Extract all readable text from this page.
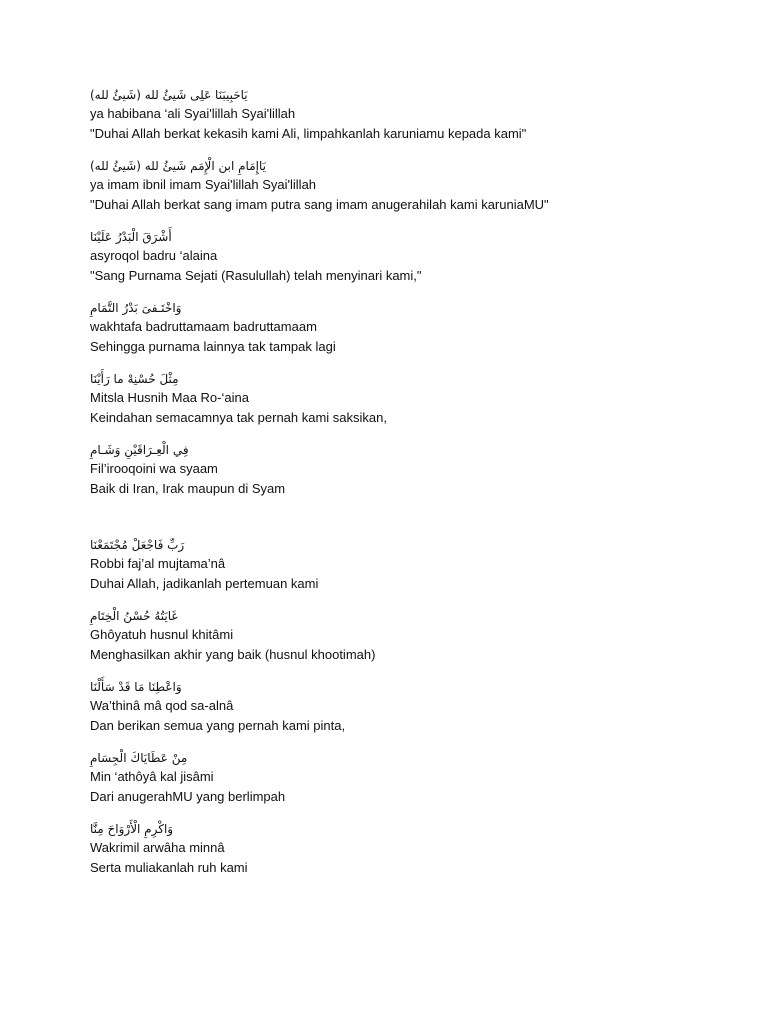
يَاحَبِيبَنَا عَلِى شَيئُ لله (شَيئُ لله)
ya habibana ‘ali Syai'lillah Syai'lillah
"Duhai Allah berkat kekasih kami Ali, limpahkanlah karuniamu kepada kami"
يَاإِمَامِ ابن الْإِمَم شَيئُ لله (شَيئُ لله)
ya imam ibnil imam Syai'lillah Syai'lillah
"Duhai Allah berkat sang imam putra sang imam anugerahilah kami karuniaMU"
أَشْرَقَ الْبَدْرُ عَلَيْنَا
asyroqol badru ‘alaina
"Sang Purnama Sejati (Rasulullah) telah menyinari kami,"
وَاخْتَـفىَ بَدْرُ التَّمَامِ
wakhtafa badruttamaam badruttamaam
Sehingga purnama lainnya tak tampak lagi
مِثْلَ حُسْنِهْ ما رَأَيْنَا
Mitsla Husnih Maa Ro-‘aina
Keindahan semacamnya tak pernah kami saksikan,
فِي الْعِـرَاقَيْنِ وَشَـامِ
Fil’irooqoini wa syaam
Baik di Iran, Irak maupun di Syam
رَبِّ فَاجْعَلْ مُجْتَمَعْنَا
Robbi faj’al mujtama’nâ
Duhai Allah, jadikanlah pertemuan kami
غَايَتُهُ حُسْنُ الْخِتَامِ
Ghôyatuh husnul khitâmi
Menghasilkan akhir yang baik (husnul khootimah)
وَاعْطِنَا مَا قَدْ سَأَلْنَا
Wa’thinâ mâ qod sa-alnâ
Dan berikan semua yang pernah kami pinta,
مِنْ عَطَايَاكَ الْجِسَامِ
Min ‘athôyâ kal jisâmi
Dari anugerahMU yang berlimpah
وَاكْرِمِ الْأَرْوَاحَ مِنَّا
Wakrimil arwâha minnâ
Serta muliakanlah ruh kami
